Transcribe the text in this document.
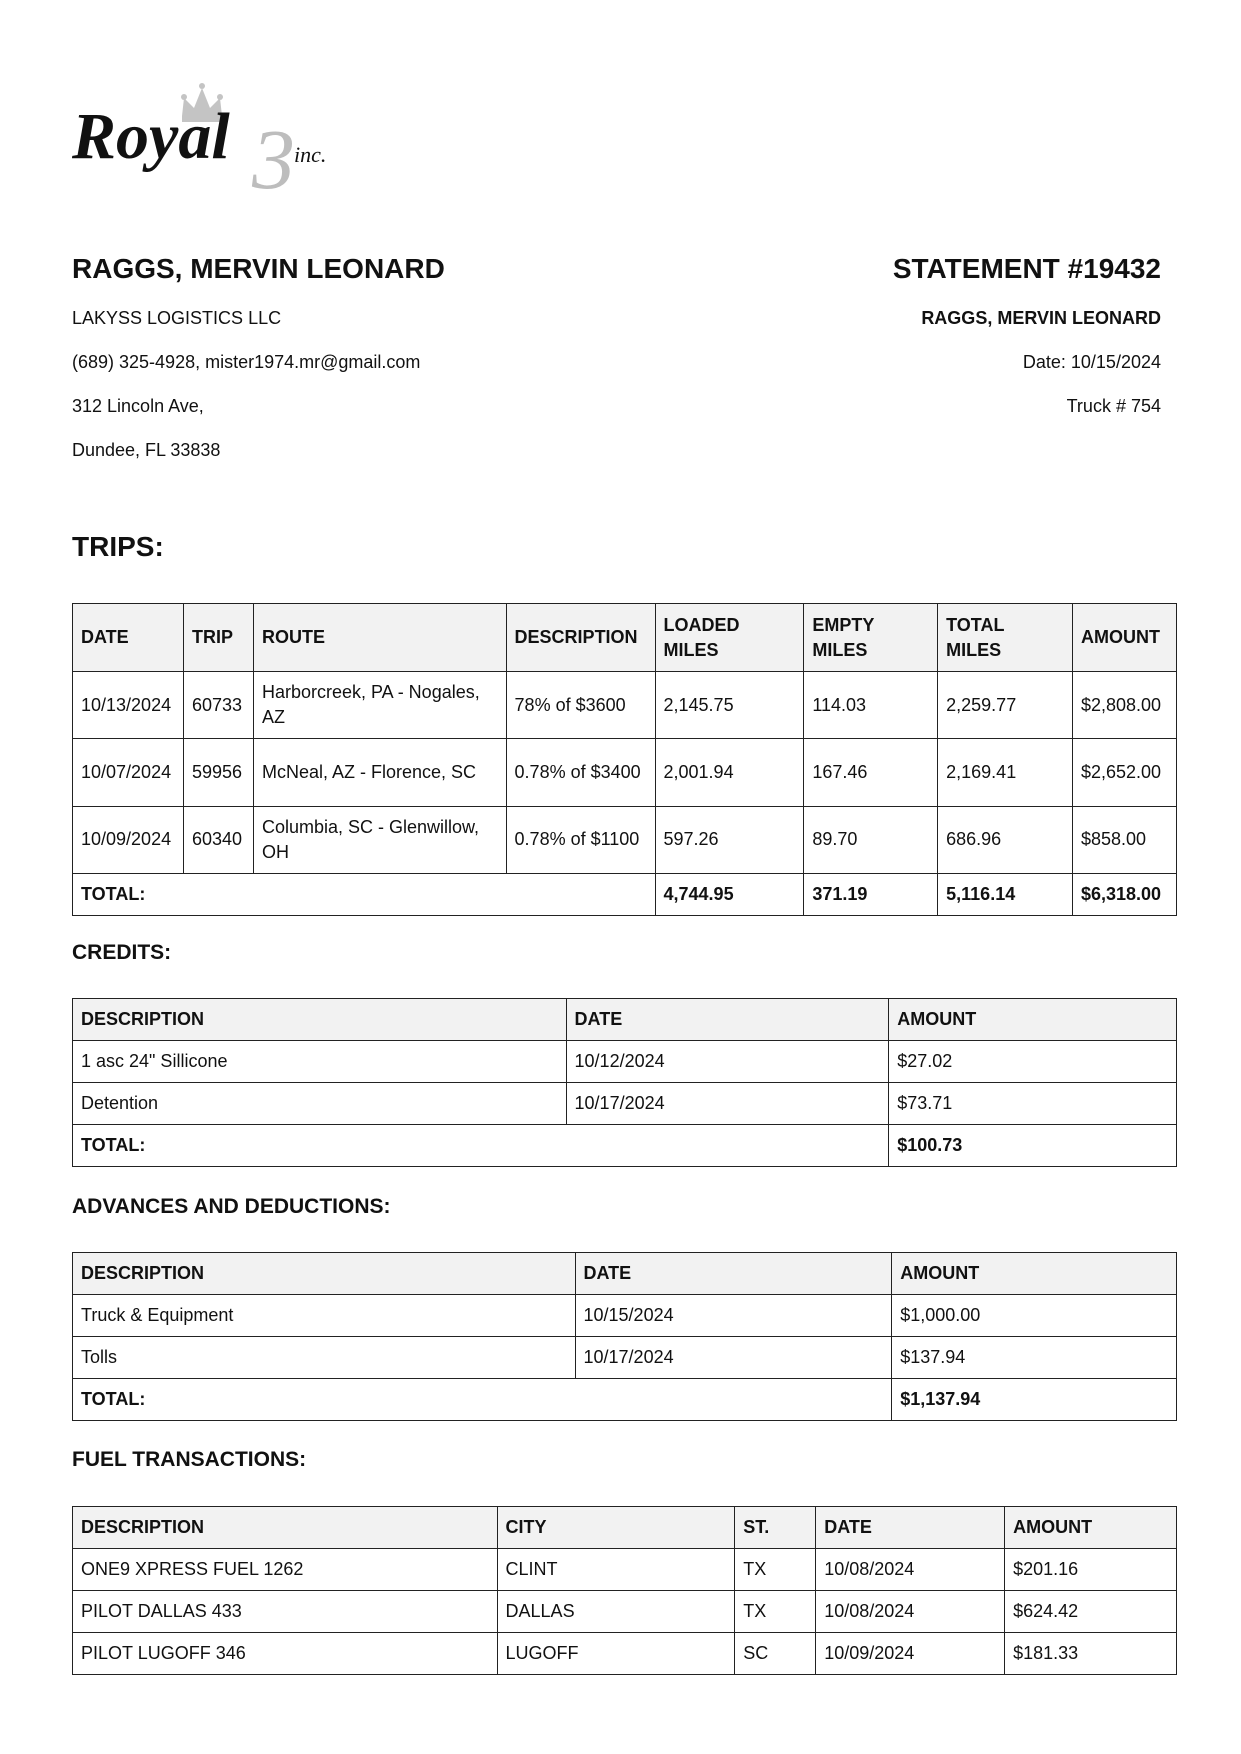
3
Royal	inc.

RAGGS, MERVIN LEONARD

LAKYSS LOGISTICS LLC

(689) 325-4928, mister1974.mr@gmail.com

312 Lincoln Ave,

Dundee, FL 33838

STATEMENT #19432

RAGGS, MERVIN LEONARD

Date: 10/15/2024

Truck # 754

TRIPS:

DATE	TRIP	ROUTE	DESCRIPTION	LOADED MILES	EMPTY MILES	TOTAL MILES	AMOUNT
10/13/2024	60733	Harborcreek, PA - Nogales, AZ	78% of $3600	2,145.75	114.03	2,259.77	$2,808.00
10/07/2024	59956	McNeal, AZ - Florence, SC	0.78% of $3400	2,001.94	167.46	2,169.41	$2,652.00
10/09/2024	60340	Columbia, SC - Glenwillow, OH	0.78% of $1100	597.26	89.70	686.96	$858.00
TOTAL:				4,744.95	371.19	5,116.14	$6,318.00

CREDITS:

DESCRIPTION	DATE	AMOUNT
1 asc 24" Sillicone	10/12/2024	$27.02
Detention	10/17/2024	$73.71
TOTAL:		$100.73

ADVANCES AND DEDUCTIONS:

DESCRIPTION	DATE	AMOUNT
Truck & Equipment	10/15/2024	$1,000.00
Tolls	10/17/2024	$137.94
TOTAL:		$1,137.94

FUEL TRANSACTIONS:

DESCRIPTION	CITY	ST.	DATE	AMOUNT
ONE9 XPRESS FUEL 1262	CLINT	TX	10/08/2024	$201.16
PILOT DALLAS 433	DALLAS	TX	10/08/2024	$624.42
PILOT LUGOFF 346	LUGOFF	SC	10/09/2024	$181.33
